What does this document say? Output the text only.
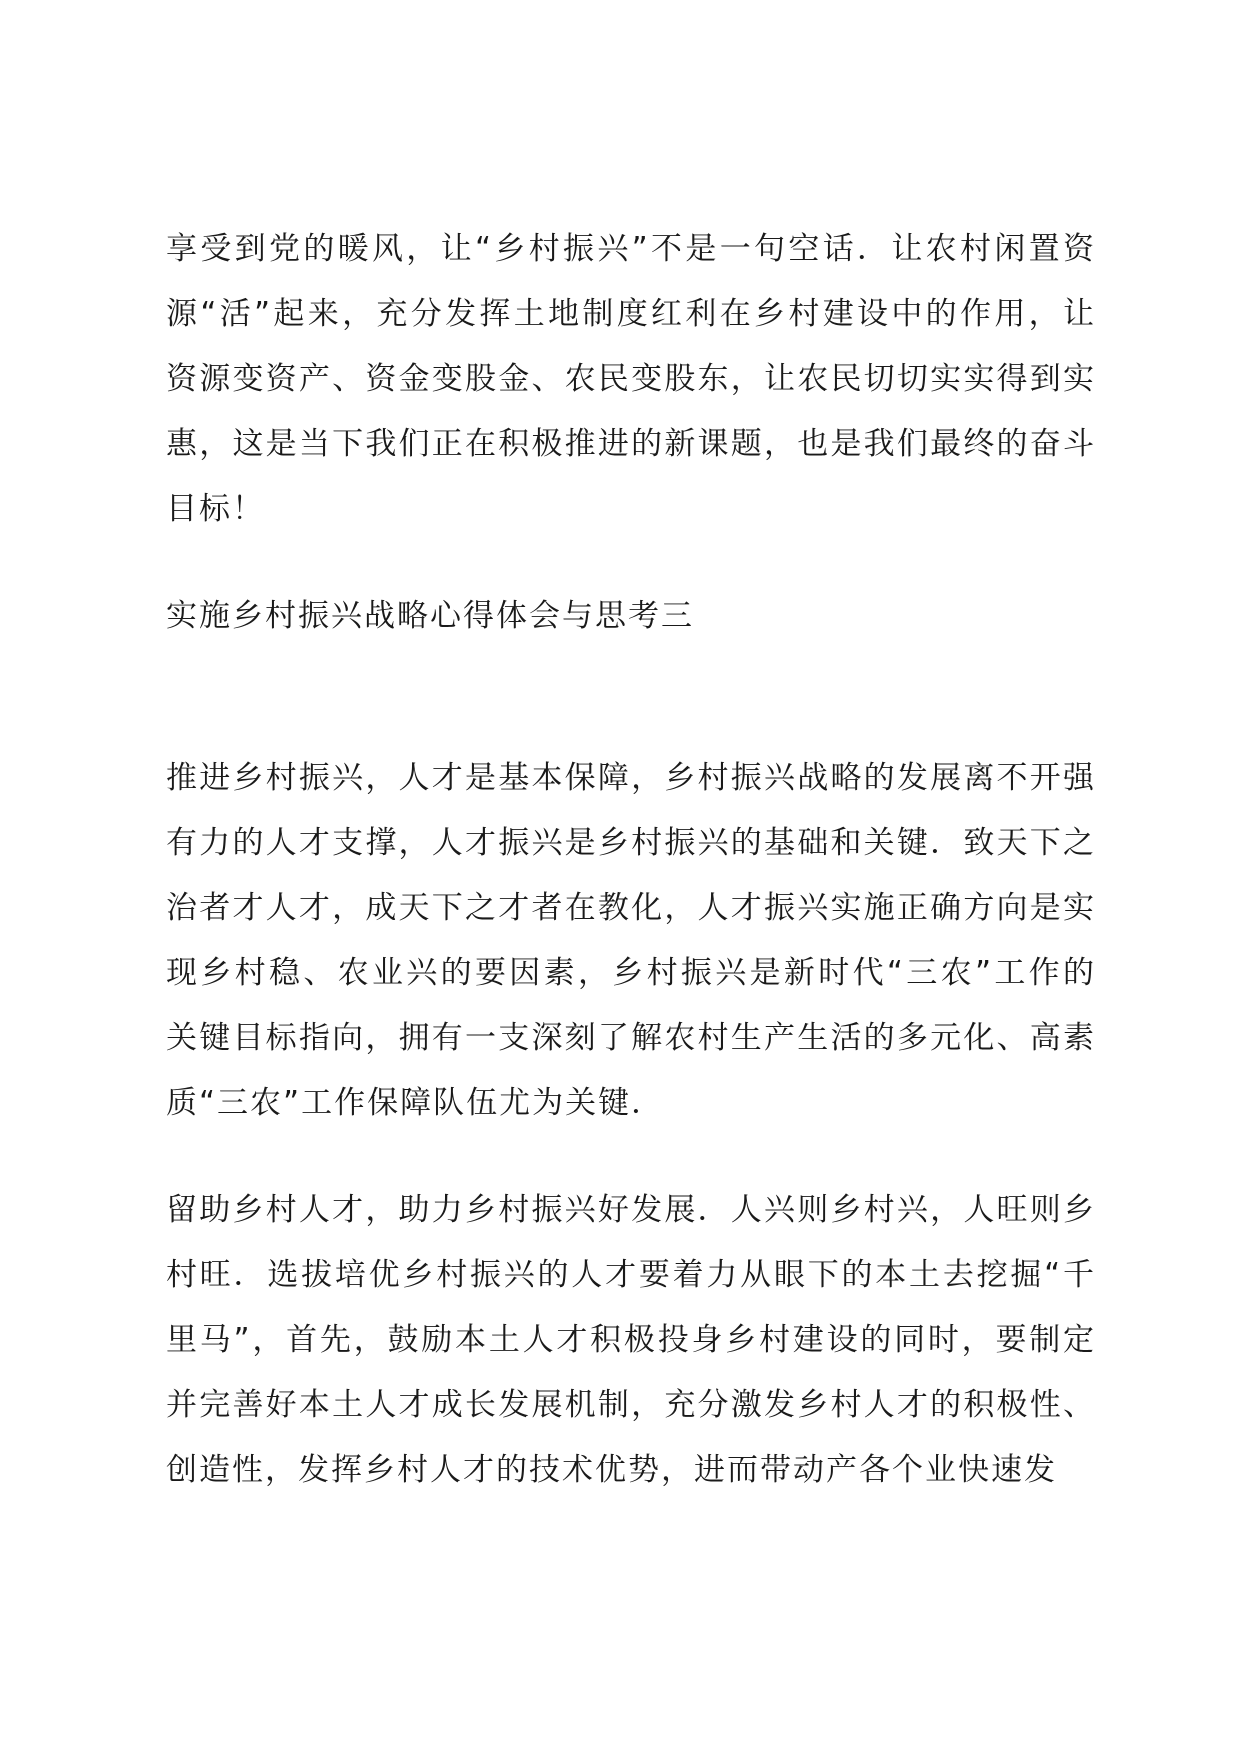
享受到党的暖风，让“乡村振兴”不是一句空话．让农村闲置资
源“活”起来，充分发挥土地制度红利在乡村建设中的作用，让
资源变资产、资金变股金、农民变股东，让农民切切实实得到实
惠，这是当下我们正在积极推进的新课题，也是我们最终的奋斗
目标！
实施乡村振兴战略心得体会与思考三
推进乡村振兴，人才是基本保障，乡村振兴战略的发展离不开强
有力的人才支撑，人才振兴是乡村振兴的基础和关键．致天下之
治者才人才，成天下之才者在教化，人才振兴实施正确方向是实
现乡村稳、农业兴的要因素，乡村振兴是新时代“三农”工作的
关键目标指向，拥有一支深刻了解农村生产生活的多元化、高素
质“三农”工作保障队伍尤为关键．
留助乡村人才，助力乡村振兴好发展．人兴则乡村兴，人旺则乡
村旺．选拔培优乡村振兴的人才要着力从眼下的本土去挖掘“千
里马”，首先，鼓励本土人才积极投身乡村建设的同时，要制定
并完善好本土人才成长发展机制，充分激发乡村人才的积极性、
创造性，发挥乡村人才的技术优势，进而带动产各个业快速发
